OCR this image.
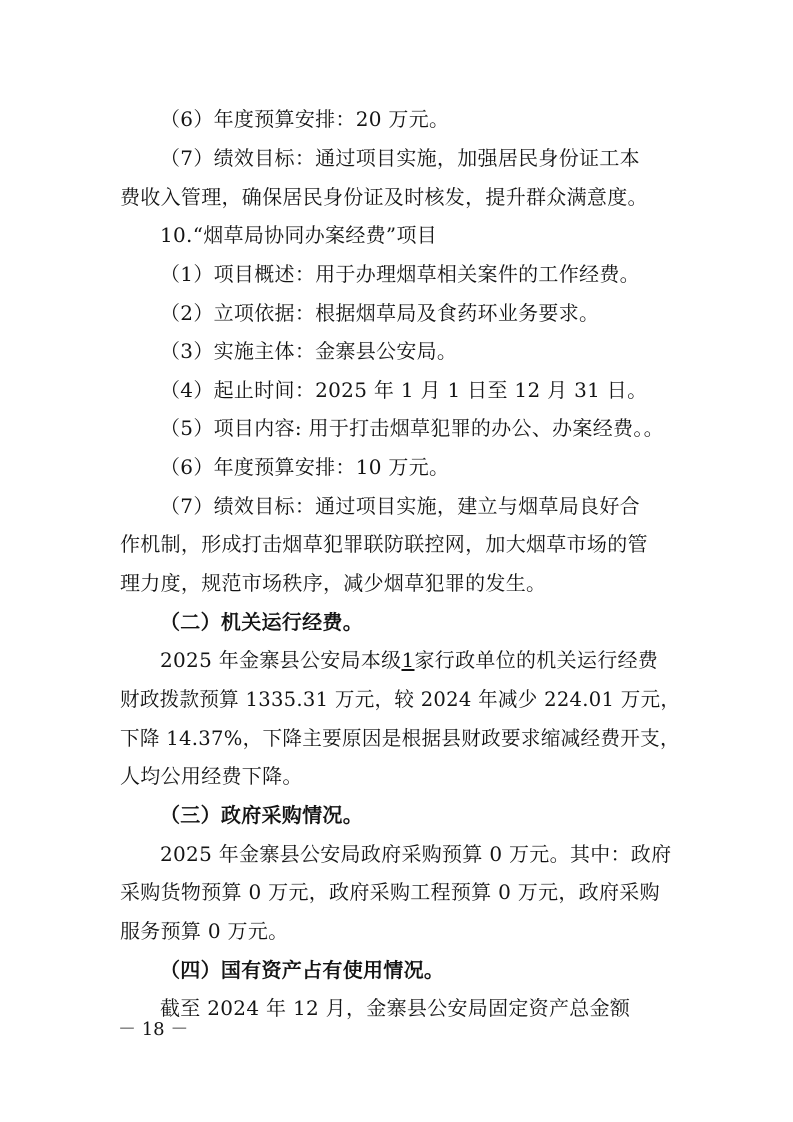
（6）年度预算安排：20 万元。
（7）绩效目标：通过项目实施，加强居民身份证工本
费收入管理，确保居民身份证及时核发，提升群众满意度。
10.“烟草局协同办案经费”项目
（1）项目概述：用于办理烟草相关案件的工作经费。
（2）立项依据：根据烟草局及食药环业务要求。
（3）实施主体：金寨县公安局。
（4）起止时间：2025 年 1 月 1 日至 12 月 31 日。
（5）项目内容: 用于打击烟草犯罪的办公、办案经费。。
（6）年度预算安排：10 万元。
（7）绩效目标：通过项目实施，建立与烟草局良好合
作机制，形成打击烟草犯罪联防联控网，加大烟草市场的管
理力度，规范市场秩序，减少烟草犯罪的发生。
（二）机关运行经费。
2025 年金寨县公安局本级1家行政单位的机关运行经费
财政拨款预算 1335.31 万元，较 2024 年减少 224.01 万元，
下降 14.37%，下降主要原因是根据县财政要求缩减经费开支，
人均公用经费下降。
（三）政府采购情况。
2025 年金寨县公安局政府采购预算 0 万元。其中：政府
采购货物预算 0 万元，政府采购工程预算 0 万元，政府采购
服务预算 0 万元。
（四）国有资产占有使用情况。
截至 2024 年 12 月，金寨县公安局固定资产总金额
－ 18 －
